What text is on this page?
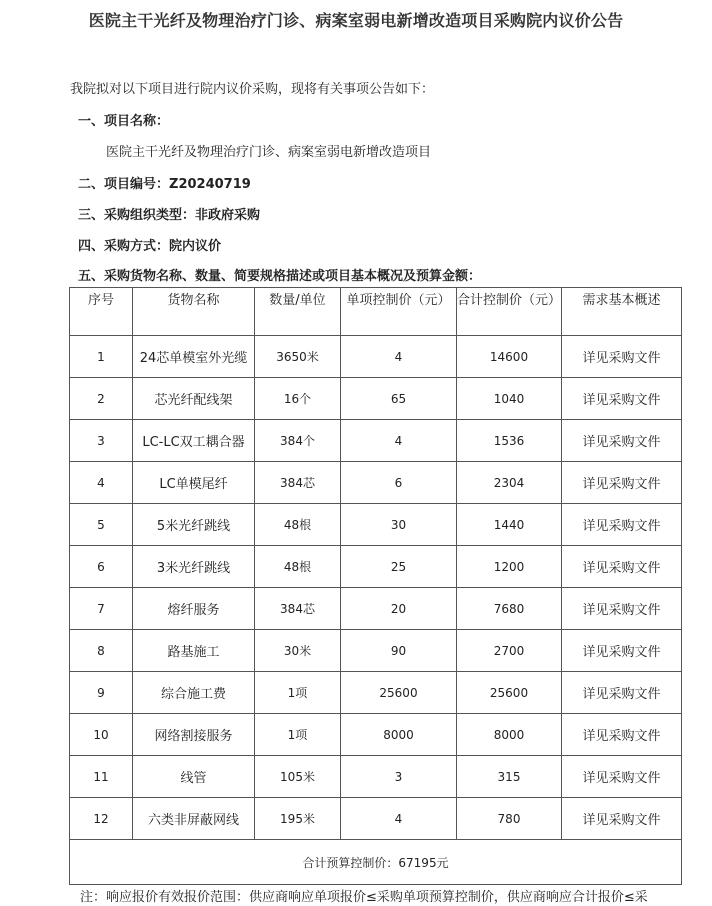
医院主干光纤及物理治疗门诊、病案室弱电新增改造项目采购院内议价公告
我院拟对以下项目进行院内议价采购，现将有关事项公告如下：
一、项目名称：
医院主干光纤及物理治疗门诊、病案室弱电新增改造项目
二、项目编号：Z20240719
三、采购组织类型：非政府采购
四、采购方式：院内议价
五、采购货物名称、数量、简要规格描述或项目基本概况及预算金额：
序号	货物名称	数量/单位	单项控制价（元）	合计控制价（元）	需求基本概述
1	24芯单模室外光缆	3650米	4	14600	详见采购文件
2	芯光纤配线架	16个	65	1040	详见采购文件
3	LC-LC双工耦合器	384个	4	1536	详见采购文件
4	LC单模尾纤	384芯	6	2304	详见采购文件
5	5米光纤跳线	48根	30	1440	详见采购文件
6	3米光纤跳线	48根	25	1200	详见采购文件
7	熔纤服务	384芯	20	7680	详见采购文件
8	路基施工	30米	90	2700	详见采购文件
9	综合施工费	1项	25600	25600	详见采购文件
10	网络割接服务	1项	8000	8000	详见采购文件
11	线管	105米	3	315	详见采购文件
12	六类非屏蔽网线	195米	4	780	详见采购文件
合计预算控制价：67195元					
注：响应报价有效报价范围：供应商响应单项报价≤采购单项预算控制价，供应商响应合计报价≤采
